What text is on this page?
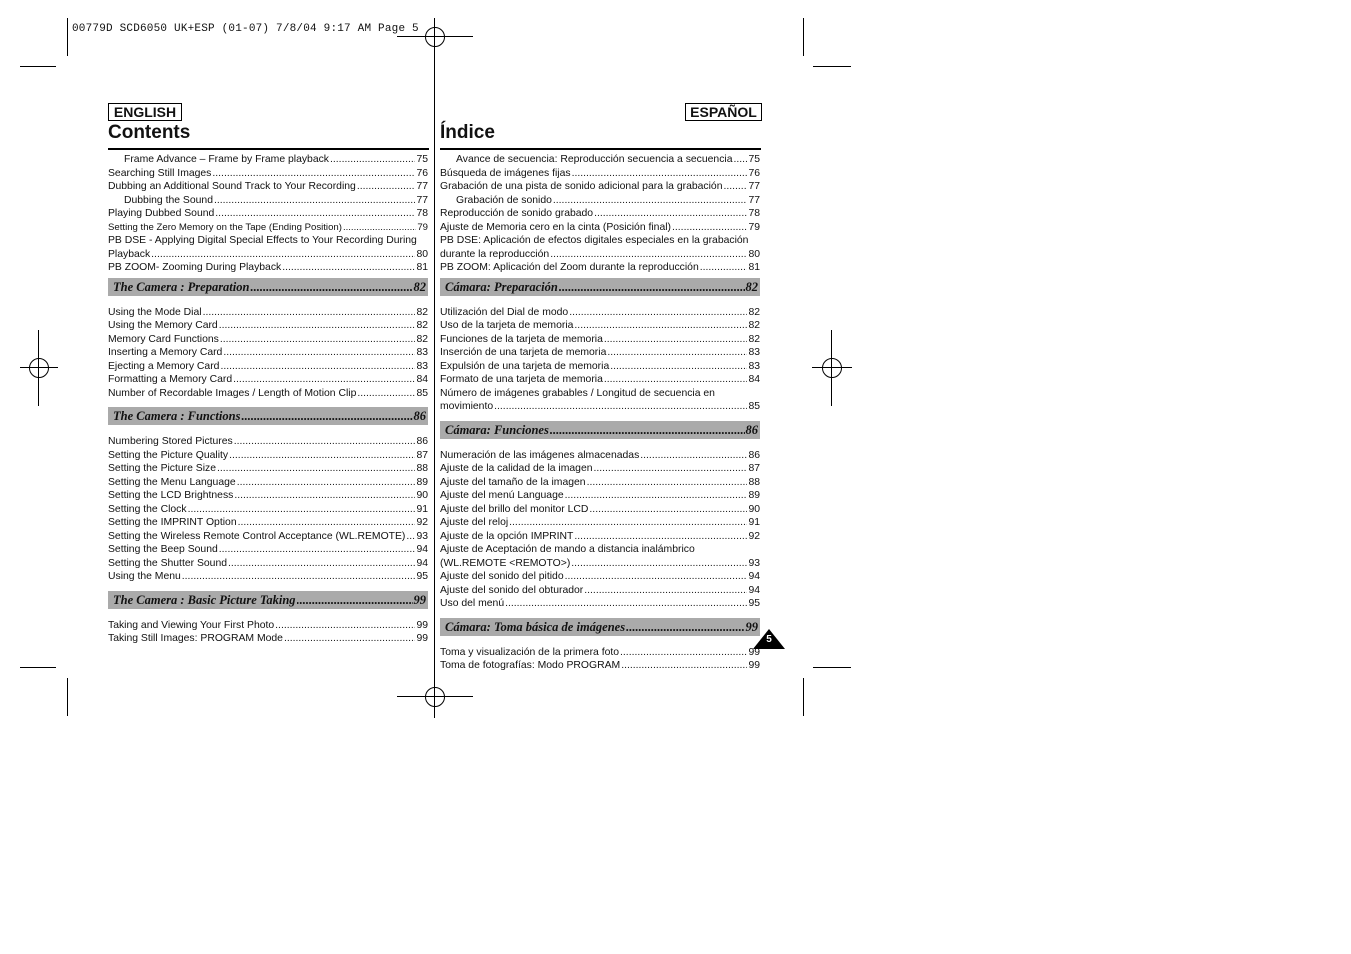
00779D SCD6050 UK+ESP (01-07) 7/8/04 9:17 AM Page 5
ENGLISH
Contents
Frame Advance – Frame by Frame playback .....	75
Searching Still Images .....	76
Dubbing an Additional Sound Track to Your Recording .....	77
Dubbing the Sound .....	77
Playing Dubbed Sound .....	78
Setting the Zero Memory on the Tape (Ending Position) .....	79
PB DSE - Applying Digital Special Effects to Your Recording During
Playback .....	80
PB ZOOM- Zooming During Playback .....	81
The Camera : Preparation .....	82
Using the Mode Dial .....	82
Using the Memory Card .....	82
Memory Card Functions .....	82
Inserting a Memory Card .....	83
Ejecting a Memory Card .....	83
Formatting a Memory Card .....	84
Number of Recordable Images / Length of Motion Clip .....	85
The Camera : Functions .....	86
Numbering Stored Pictures .....	86
Setting the Picture Quality .....	87
Setting the Picture Size .....	88
Setting the Menu Language .....	89
Setting the LCD Brightness .....	90
Setting the Clock .....	91
Setting the IMPRINT Option .....	92
Setting the Wireless Remote Control Acceptance (WL.REMOTE) ..... 93
Setting the Beep Sound .....	94
Setting the Shutter Sound .....	94
Using the Menu .....	95
The Camera : Basic Picture Taking .....	99
Taking and Viewing Your First Photo .....	99
Taking Still Images: PROGRAM Mode .....	99
ESPAÑOL
Índice
Avance de secuencia: Reproducción secuencia a secuencia ..... 75
Búsqueda de imágenes fijas .....	76
Grabación de una pista de sonido adicional para la grabación ..... 77
Grabación de sonido .....	77
Reproducción de sonido grabado .....	78
Ajuste de Memoria cero en la cinta (Posición final) .....	79
PB DSE: Aplicación de efectos digitales especiales en la grabación
durante la reproducción .....	80
PB ZOOM: Aplicación del Zoom durante la reproducción .....	81
Cámara: Preparación .....	82
Utilización del Dial de modo .....	82
Uso de la tarjeta de memoria .....	82
Funciones de la tarjeta de memoria .....	82
Inserción de una tarjeta de memoria .....	83
Expulsión de una tarjeta de memoria .....	83
Formato de una tarjeta de memoria .....	84
Número de imágenes grabables / Longitud de secuencia en
movimiento .....	85
Cámara: Funciones .....	86
Numeración de las imágenes almacenadas .....	86
Ajuste de la calidad de la imagen .....	87
Ajuste del tamaño de la imagen .....	88
Ajuste del menú Language .....	89
Ajuste del brillo del monitor LCD .....	90
Ajuste del reloj .....	91
Ajuste de la opción IMPRINT .....	92
Ajuste de Aceptación de mando a distancia inalámbrico
(WL.REMOTE <REMOTO>) .....	93
Ajuste del sonido del pitido .....	94
Ajuste del sonido del obturador .....	94
Uso del menú .....	95
Cámara: Toma básica de imágenes .....	99
Toma y visualización de la primera foto .....	99
Toma de fotografías: Modo PROGRAM .....	99
5
